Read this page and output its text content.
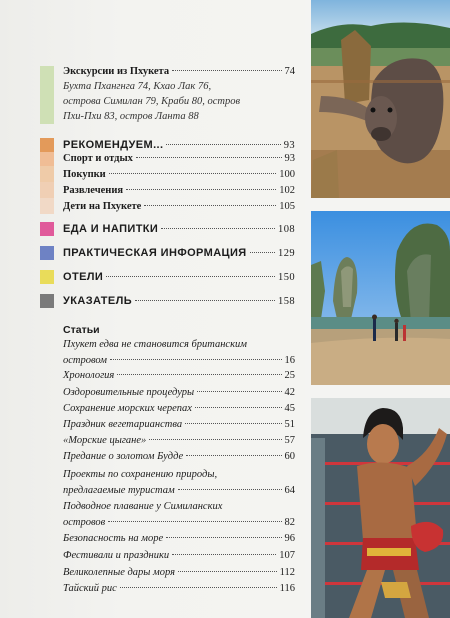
Экскурсии из Пхукета	74
Бухта Пхангнга 74, Кхао Лак 76,
острова Симилан 79, Краби 80, остров
Пхи-Пхи 83, остров Ланта 88
РЕКОМЕНДУЕМ...	93
Спорт и отдых	93
Покупки	100
Развлечения	102
Дети на Пхукете	105
ЕДА И НАПИТКИ	108
ПРАКТИЧЕСКАЯ ИНФОРМАЦИЯ	129
ОТЕЛИ	150
УКАЗАТЕЛЬ	158
Статьи
Пхукет едва не становится британским
островом	16
Хронология	25
Оздоровительные процедуры	42
Сохранение морских черепах	45
Праздник вегетарианства	51
«Морские цыгане»	57
Предание о золотом Будде	60
Проекты по сохранению природы,
предлагаемые туристам	64
Подводное плавание у Симиланских
островов	82
Безопасность на море	96
Фестивали и праздники	107
Великолепные дары моря	112
Тайский рис	116
